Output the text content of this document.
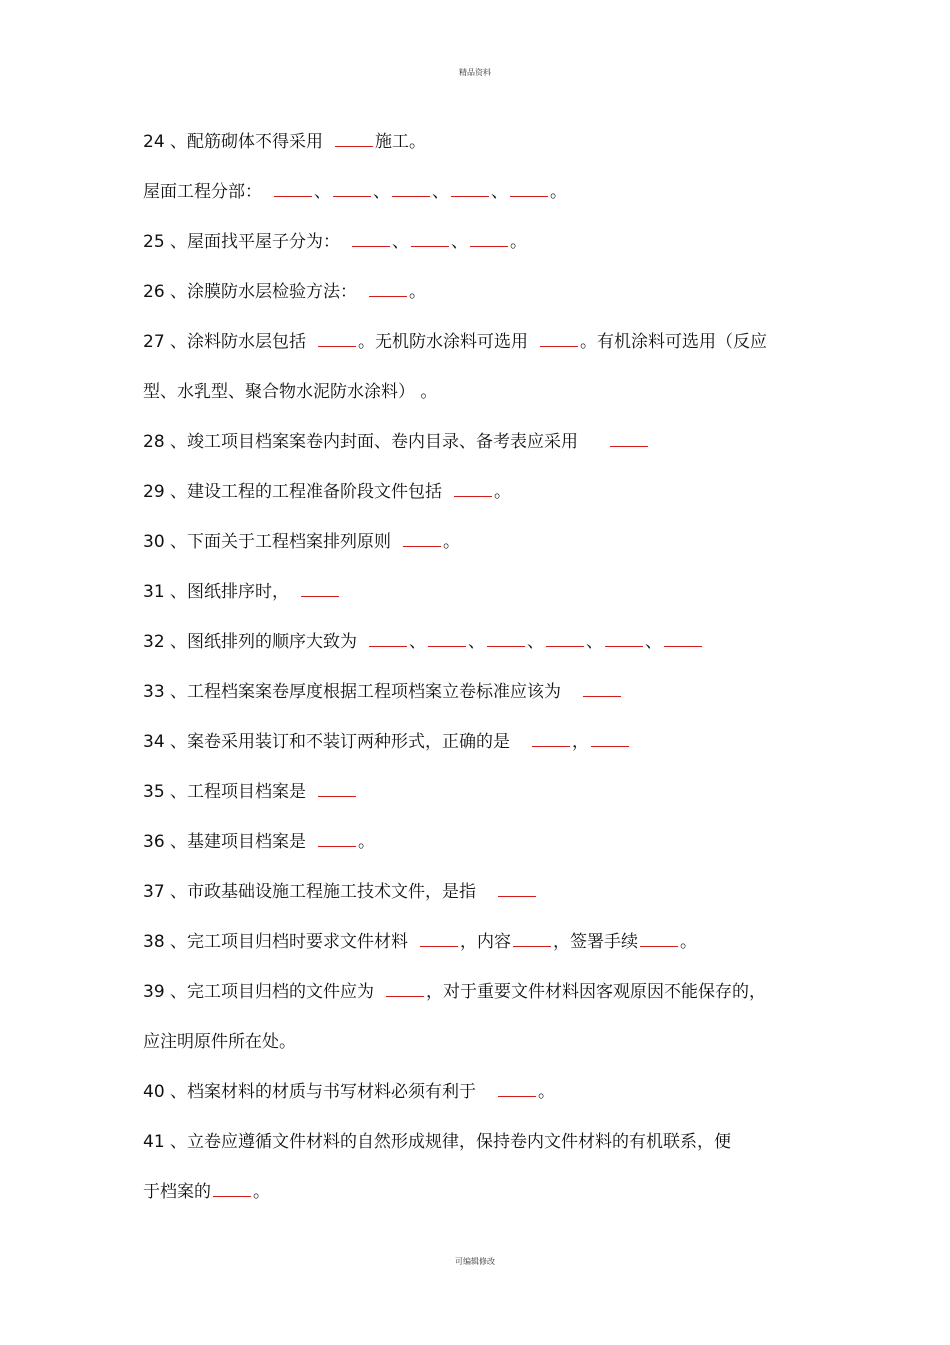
精品资料
24 、配筋砌体不得采用	施工。
屋面工程分部：	、 、 、 、 。
25 、屋面找平屋子分为：	、 、 。
26 、涂膜防水层检验方法：	。
27 、涂料防水层包括	。无机防水涂料可选用	。有机涂料可选用（反应
型、水乳型、聚合物水泥防水涂料） 。
28 、竣工项目档案案卷内封面、卷内目录、备考表应采用
29 、建设工程的工程准备阶段文件包括	。
30 、下面关于工程档案排列原则	。
31 、图纸排序时，
32 、图纸排列的顺序大致为	、 、 、 、 、
33 、工程档案案卷厚度根据工程项档案立卷标准应该为
34 、案卷采用装订和不装订两种形式，正确的是	，
35 、工程项目档案是
36 、基建项目档案是	。
37 、市政基础设施工程施工技术文件，是指
38 、完工项目归档时要求文件材料	，内容 ，签署手续 。
39 、完工项目归档的文件应为	，对于重要文件材料因客观原因不能保存的，
应注明原件所在处。
40 、档案材料的材质与书写材料必须有利于	。
41 、立卷应遵循文件材料的自然形成规律，保持卷内文件材料的有机联系，便
于档案的 。
可编辑修改
